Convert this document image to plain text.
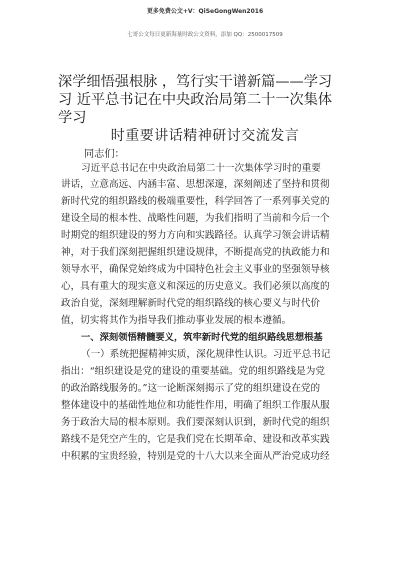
更多免费公文+V：QiSeGongWen2016
七哥公文每日更新海量时政公文资料，添加 QQ：2500017509
深学细悟强根脉 ，笃行实干谱新篇——学习 习 近平总书记在中央政治局第二十一次集体 学习
时重要讲话精神研讨交流发言
同志们：
习近平总书记在中央政治局第二十一次集体学习时的重要
讲话，立意高远、内涵丰富、思想深邃，深刻阐述了坚持和贯彻
新时代党的组织路线的极端重要性，科学回答了一系列事关党的
建设全局的根本性、战略性问题，为我们指明了当前和今后一个
时期党的组织建设的努力方向和实践路径。认真学习领会讲话精
神，对于我们深刻把握组织建设规律，不断提高党的执政能力和
领导水平，确保党始终成为中国特色社会主义事业的坚强领导核
心，具有重大的现实意义和深远的历史意义。我们必须以高度的
政治自觉，深刻理解新时代党的组织路线的核心要义与时代价
值，切实将其作为指导我们推动事业发展的根本遵循。
一、深刻领悟精髓要义，筑牢新时代党的组织路线思想根基
（一）系统把握精神实质，深化规律性认识。习近平总书记
指出：“组织建设是党的建设的重要基础。党的组织路线是为党
的政治路线服务的。”这一论断深刻揭示了党的组织建设在党的
整体建设中的基础性地位和功能性作用，明确了组织工作服从服
务于政治大局的根本原则。我们要深刻认识到，新时代党的组织
路线不是凭空产生的，它是我们党在长期革命、建设和改革实践
中积累的宝贵经验，特别是党的十八大以来全面从严治党成功经
